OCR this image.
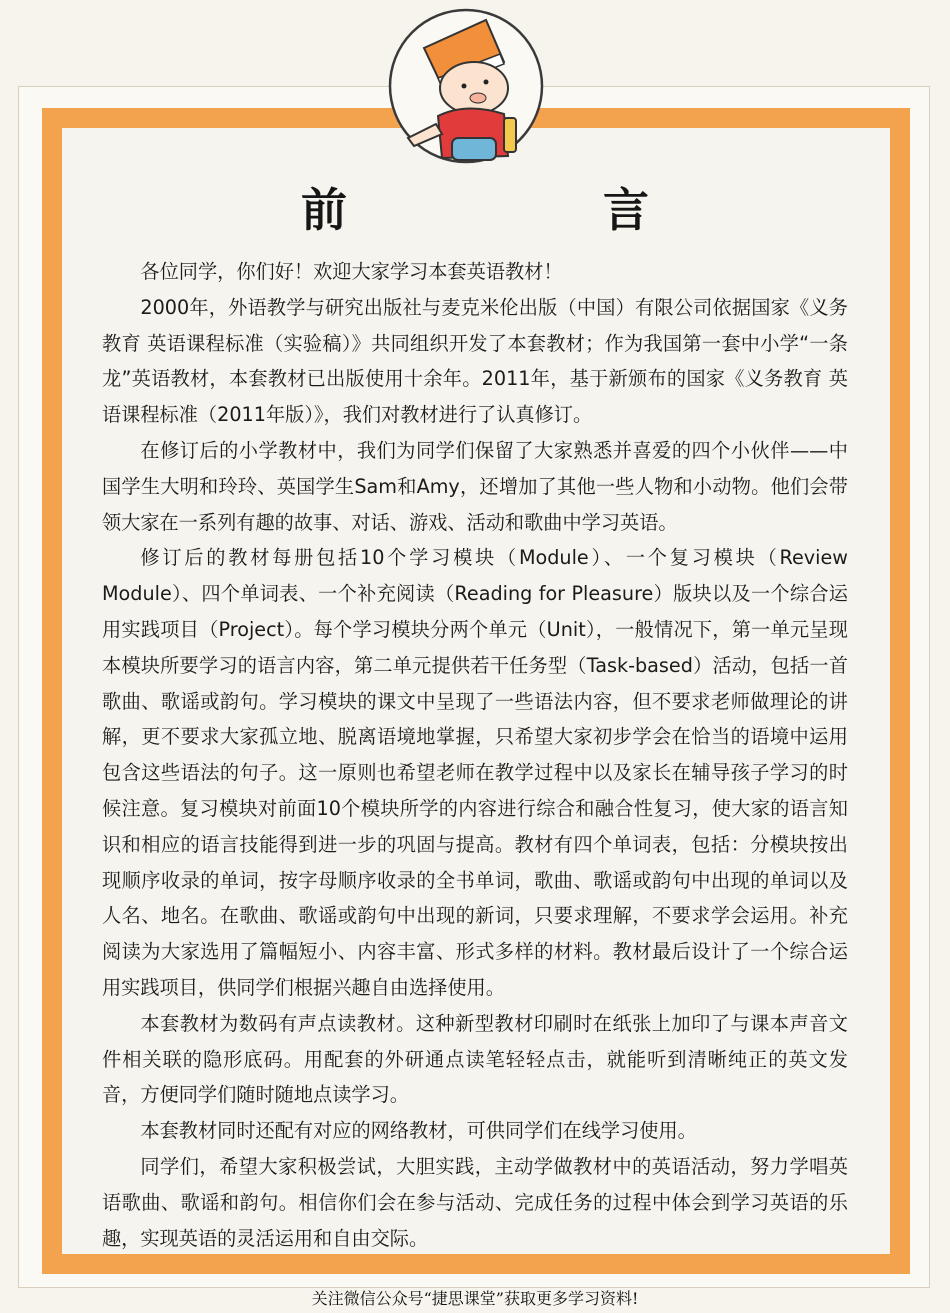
前 言

各位同学，你们好！欢迎大家学习本套英语教材！

2000年，外语教学与研究出版社与麦克米伦出版（中国）有限公司依据国家《义务教育 英语课程标准（实验稿）》共同组织开发了本套教材；作为我国第一套中小学“一条龙”英语教材，本套教材已出版使用十余年。2011年，基于新颁布的国家《义务教育 英语课程标准（2011年版）》，我们对教材进行了认真修订。

在修订后的小学教材中，我们为同学们保留了大家熟悉并喜爱的四个小伙伴——中国学生大明和玲玲、英国学生Sam和Amy，还增加了其他一些人物和小动物。他们会带领大家在一系列有趣的故事、对话、游戏、活动和歌曲中学习英语。

修订后的教材每册包括10个学习模块（Module）、一个复习模块（Review Module）、四个单词表、一个补充阅读（Reading for Pleasure）版块以及一个综合运用实践项目（Project）。每个学习模块分两个单元（Unit），一般情况下，第一单元呈现本模块所要学习的语言内容，第二单元提供若干任务型（Task-based）活动，包括一首歌曲、歌谣或韵句。学习模块的课文中呈现了一些语法内容，但不要求老师做理论的讲解，更不要求大家孤立地、脱离语境地掌握，只希望大家初步学会在恰当的语境中运用包含这些语法的句子。这一原则也希望老师在教学过程中以及家长在辅导孩子学习的时候注意。复习模块对前面10个模块所学的内容进行综合和融合性复习，使大家的语言知识和相应的语言技能得到进一步的巩固与提高。教材有四个单词表，包括：分模块按出现顺序收录的单词，按字母顺序收录的全书单词，歌曲、歌谣或韵句中出现的单词以及人名、地名。在歌曲、歌谣或韵句中出现的新词，只要求理解，不要求学会运用。补充阅读为大家选用了篇幅短小、内容丰富、形式多样的材料。教材最后设计了一个综合运用实践项目，供同学们根据兴趣自由选择使用。

本套教材为数码有声点读教材。这种新型教材印刷时在纸张上加印了与课本声音文件相关联的隐形底码。用配套的外研通点读笔轻轻点击，就能听到清晰纯正的英文发音，方便同学们随时随地点读学习。

本套教材同时还配有对应的网络教材，可供同学们在线学习使用。

同学们，希望大家积极尝试，大胆实践，主动学做教材中的英语活动，努力学唱英语歌曲、歌谣和韵句。相信你们会在参与活动、完成任务的过程中体会到学习英语的乐趣，实现英语的灵活运用和自由交际。

关注微信公众号“捷思课堂”获取更多学习资料!
